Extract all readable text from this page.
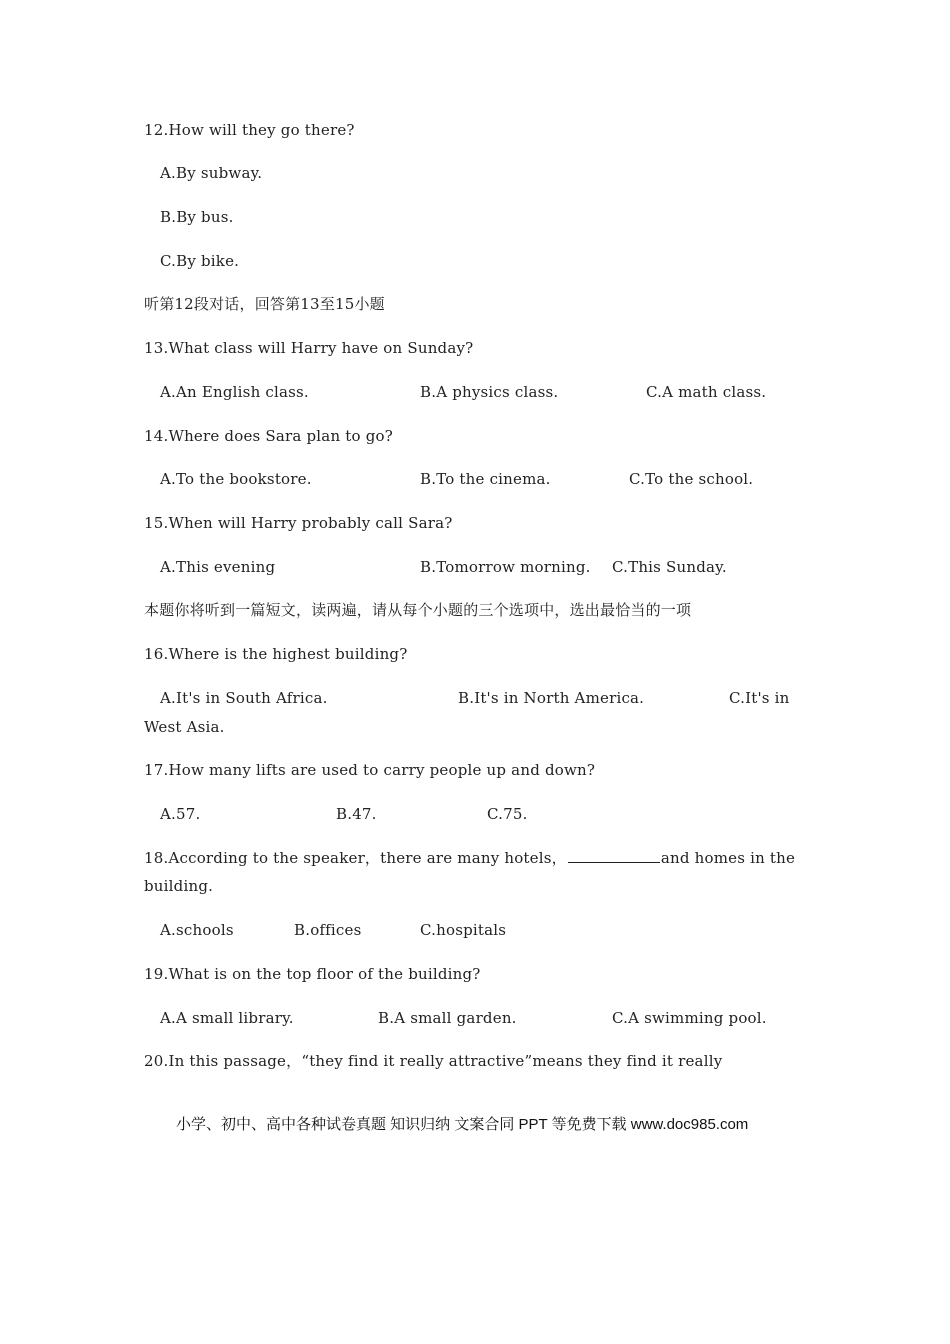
12.How will they go there?
A.By subway.
B.By bus.
C.By bike.
听第12段对话，回答第13至15小题
13.What class will Harry have on Sunday?
A.An English class.	B.A physics class.	C.A math class.
14.Where does Sara plan to go?
A.To the bookstore.	B.To the cinema.	C.To the school.
15.When will Harry probably call Sara?
A.This evening	B.Tomorrow morning. C.This Sunday.
本题你将听到一篇短文，读两遍，请从每个小题的三个选项中，选出最恰当的一项
16.Where is the highest building?
A.It's in South Africa.	B.It's in North America.	C.It's in
West Asia.
17.How many lifts are used to carry people up and down?
A.57.	B.47.	C.75.
18.According to the speaker，there are many hotels，	and homes in the
building.
A.schools	B.offices	C.hospitals
19.What is on the top floor of the building?
A.A small library.	B.A small garden.	C.A swimming pool.
20.In this passage，“they find it really attractive”means they find it really
小学、初中、高中各种试卷真题 知识归纳 文案合同 PPT 等免费下载 www.doc985.com
